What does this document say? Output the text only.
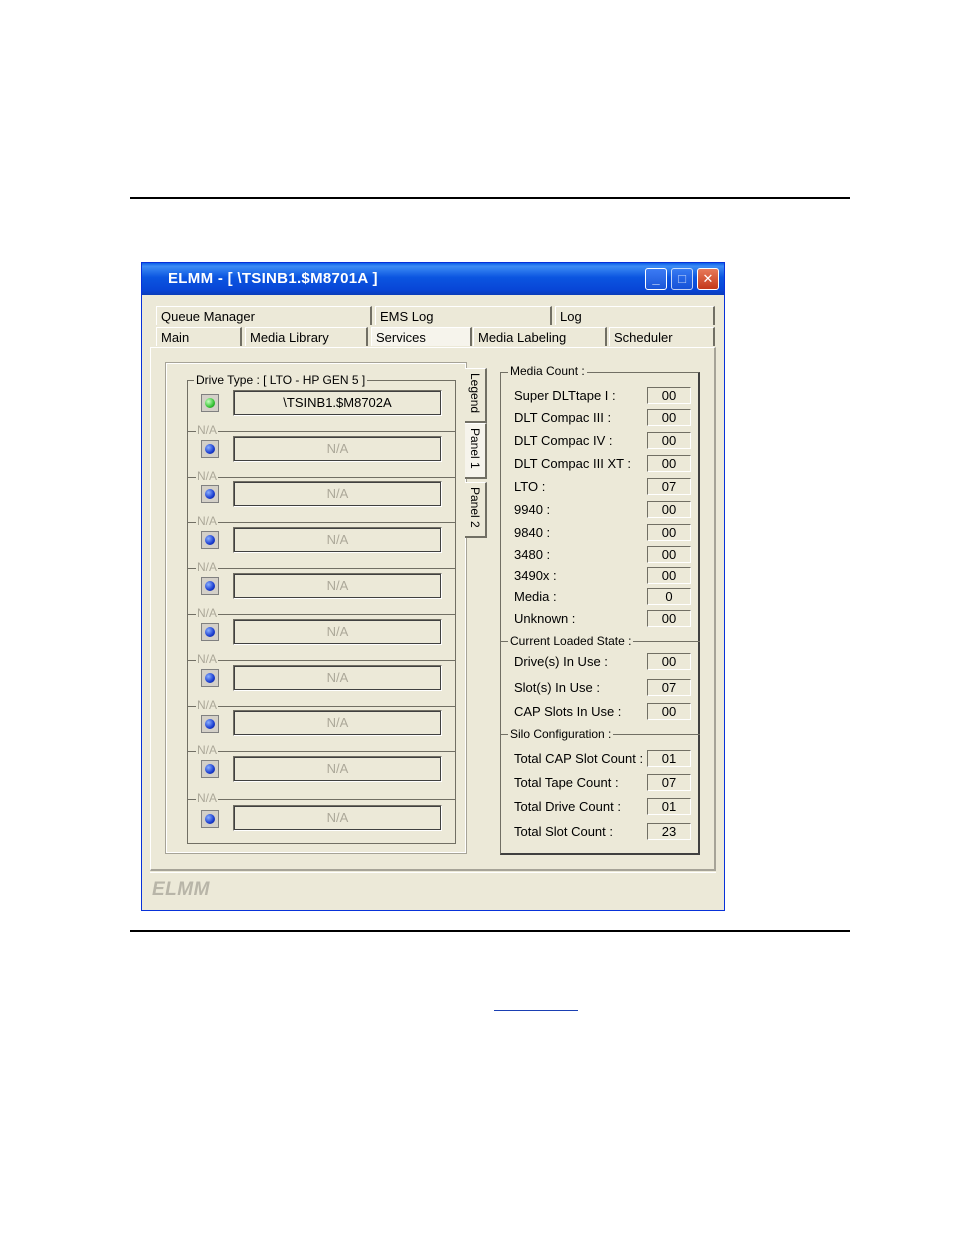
ELMM - [ \TSINB1.$M8701A ]	_	□	✕
Queue Manager	EMS Log	Log
Main	Media Library	Services	Media Labeling	Scheduler
Drive Type : [ LTO - HP GEN 5 ]
\TSINB1.$M8702A
N/A
N/A
N/A
N/A
N/A
N/A
N/A
N/A
N/A
N/A
N/A
N/A
N/A
N/A
N/A
N/A
N/A
N/A
Legend
Panel 1
Panel 2
Media Count :
Super DLTtape I :	00
DLT Compac III :	00
DLT Compac IV :	00
DLT Compac III XT :	00
LTO :	07
9940 :	00
9840 :	00
3480 :	00
3490x :	00
Media :	0
Unknown :	00
Current Loaded State :
Drive(s) In Use :	00
Slot(s) In Use :	07
CAP Slots In Use :	00
Silo Configuration :
Total CAP Slot Count :	01
Total Tape Count :	07
Total Drive Count :	01
Total Slot Count :	23
ELMM
